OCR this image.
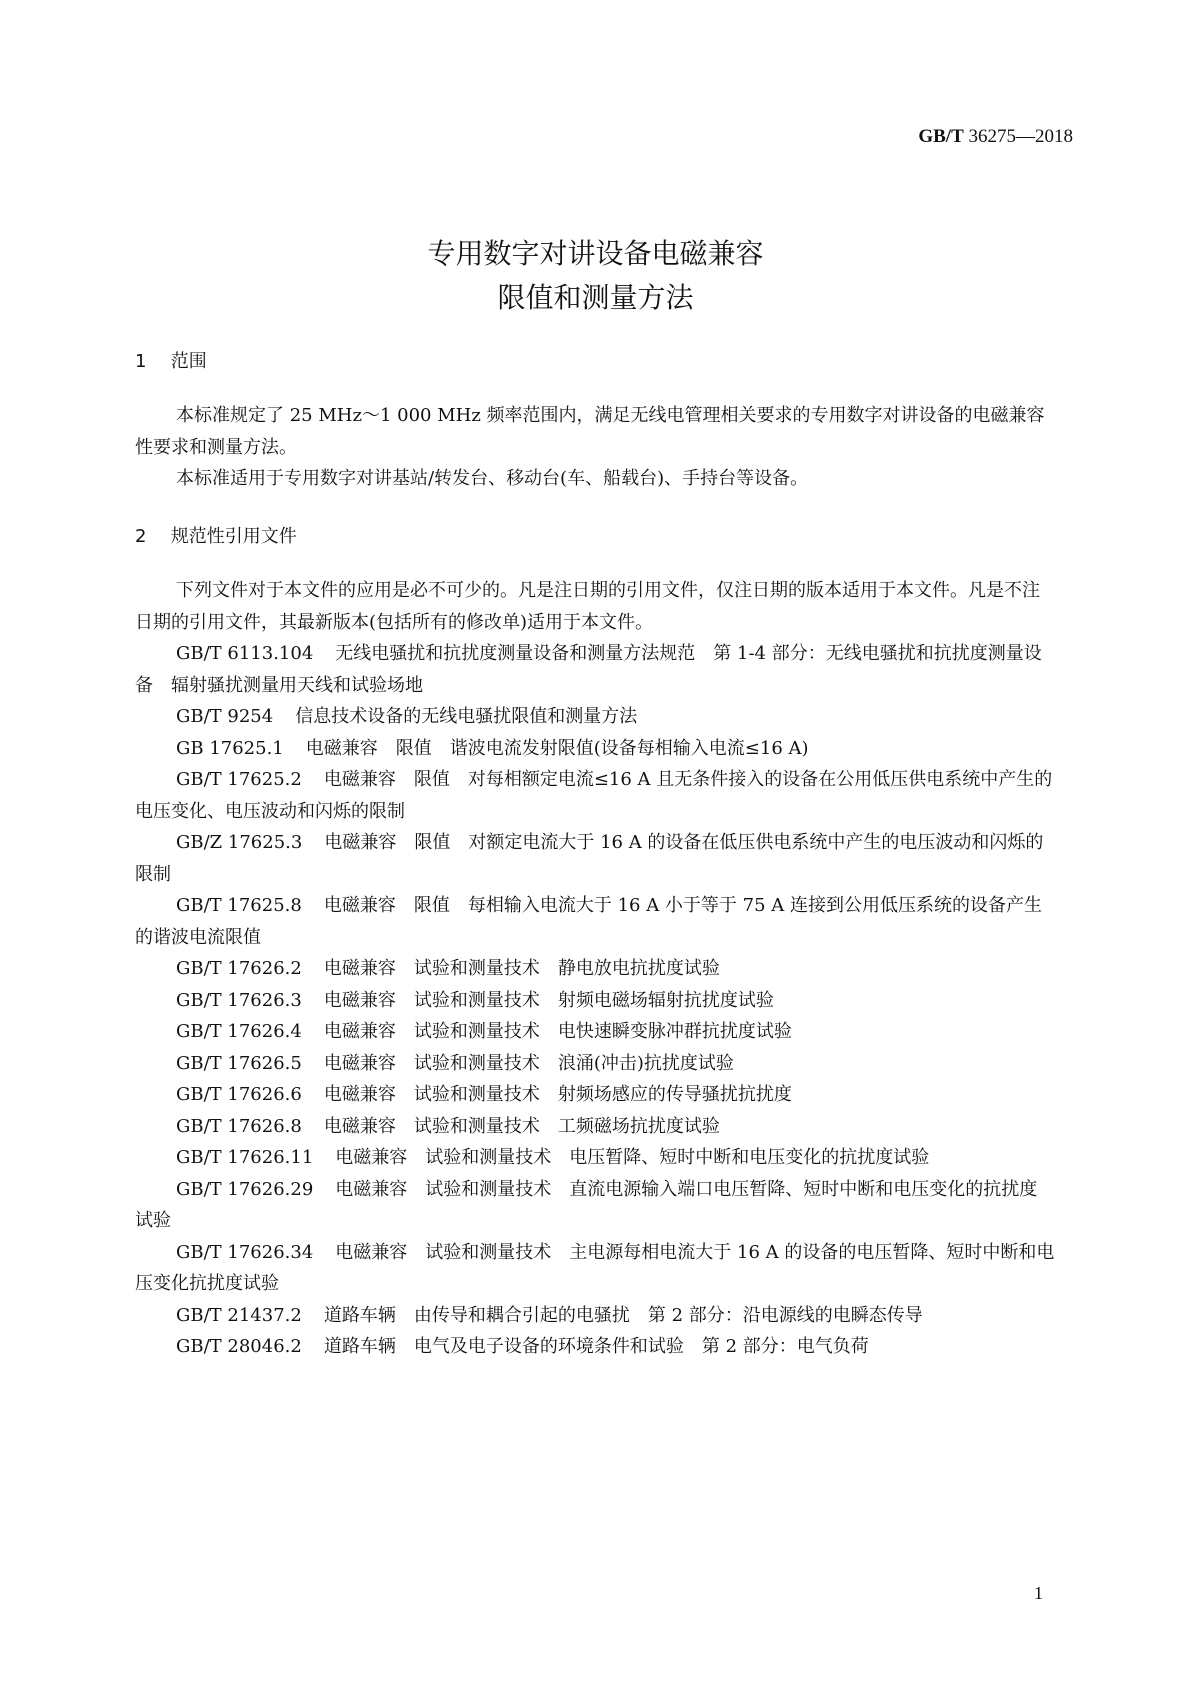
GB/T 36275—2018
专用数字对讲设备电磁兼容
限值和测量方法
1 范围

本标准规定了 25 MHz～1 000 MHz 频率范围内，满足无线电管理相关要求的专用数字对讲设备的电磁兼容性要求和测量方法。

本标准适用于专用数字对讲基站/转发台、移动台(车、船载台)、手持台等设备。

2 规范性引用文件

下列文件对于本文件的应用是必不可少的。凡是注日期的引用文件，仅注日期的版本适用于本文件。凡是不注日期的引用文件，其最新版本(包括所有的修改单)适用于本文件。

GB/T 6113.104 无线电骚扰和抗扰度测量设备和测量方法规范　第 1-4 部分：无线电骚扰和抗扰度测量设备　辐射骚扰测量用天线和试验场地

GB/T 9254 信息技术设备的无线电骚扰限值和测量方法

GB 17625.1 电磁兼容　限值　谐波电流发射限值(设备每相输入电流≤16 A)

GB/T 17625.2 电磁兼容　限值　对每相额定电流≤16 A 且无条件接入的设备在公用低压供电系统中产生的电压变化、电压波动和闪烁的限制

GB/Z 17625.3 电磁兼容　限值　对额定电流大于 16 A 的设备在低压供电系统中产生的电压波动和闪烁的限制

GB/T 17625.8 电磁兼容　限值　每相输入电流大于 16 A 小于等于 75 A 连接到公用低压系统的设备产生的谐波电流限值

GB/T 17626.2 电磁兼容　试验和测量技术　静电放电抗扰度试验

GB/T 17626.3 电磁兼容　试验和测量技术　射频电磁场辐射抗扰度试验

GB/T 17626.4 电磁兼容　试验和测量技术　电快速瞬变脉冲群抗扰度试验

GB/T 17626.5 电磁兼容　试验和测量技术　浪涌(冲击)抗扰度试验

GB/T 17626.6 电磁兼容　试验和测量技术　射频场感应的传导骚扰抗扰度

GB/T 17626.8 电磁兼容　试验和测量技术　工频磁场抗扰度试验

GB/T 17626.11 电磁兼容　试验和测量技术　电压暂降、短时中断和电压变化的抗扰度试验

GB/T 17626.29 电磁兼容　试验和测量技术　直流电源输入端口电压暂降、短时中断和电压变化的抗扰度试验

GB/T 17626.34 电磁兼容　试验和测量技术　主电源每相电流大于 16 A 的设备的电压暂降、短时中断和电压变化抗扰度试验

GB/T 21437.2 道路车辆　由传导和耦合引起的电骚扰　第 2 部分：沿电源线的电瞬态传导

GB/T 28046.2 道路车辆　电气及电子设备的环境条件和试验　第 2 部分：电气负荷

1
